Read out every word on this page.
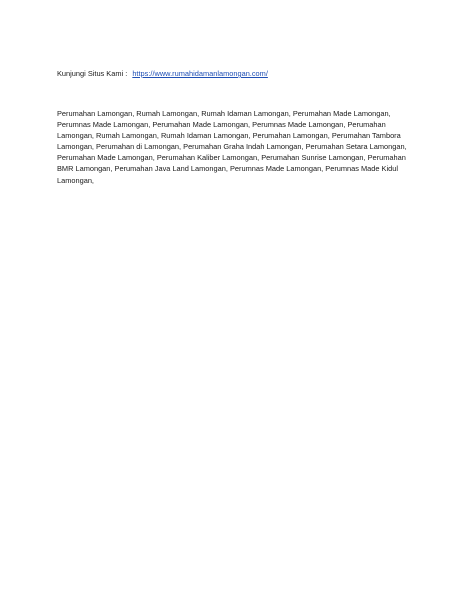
Kunjungi Situs Kami : https://www.rumahidamanlamongan.com/

Perumahan Lamongan, Rumah Lamongan, Rumah Idaman Lamongan, Perumahan Made Lamongan, Perumnas Made Lamongan, Perumahan Made Lamongan, Perumnas Made Lamongan, Perumahan Lamongan, Rumah Lamongan, Rumah Idaman Lamongan, Perumahan Lamongan, Perumahan Tambora Lamongan, Perumahan di Lamongan, Perumahan Graha Indah Lamongan, Perumahan Setara Lamongan, Perumahan Made Lamongan, Perumahan Kaliber Lamongan, Perumahan Sunrise Lamongan, Perumahan BMR Lamongan, Perumahan Java Land Lamongan, Perumnas Made Lamongan, Perumnas Made Kidul Lamongan,
